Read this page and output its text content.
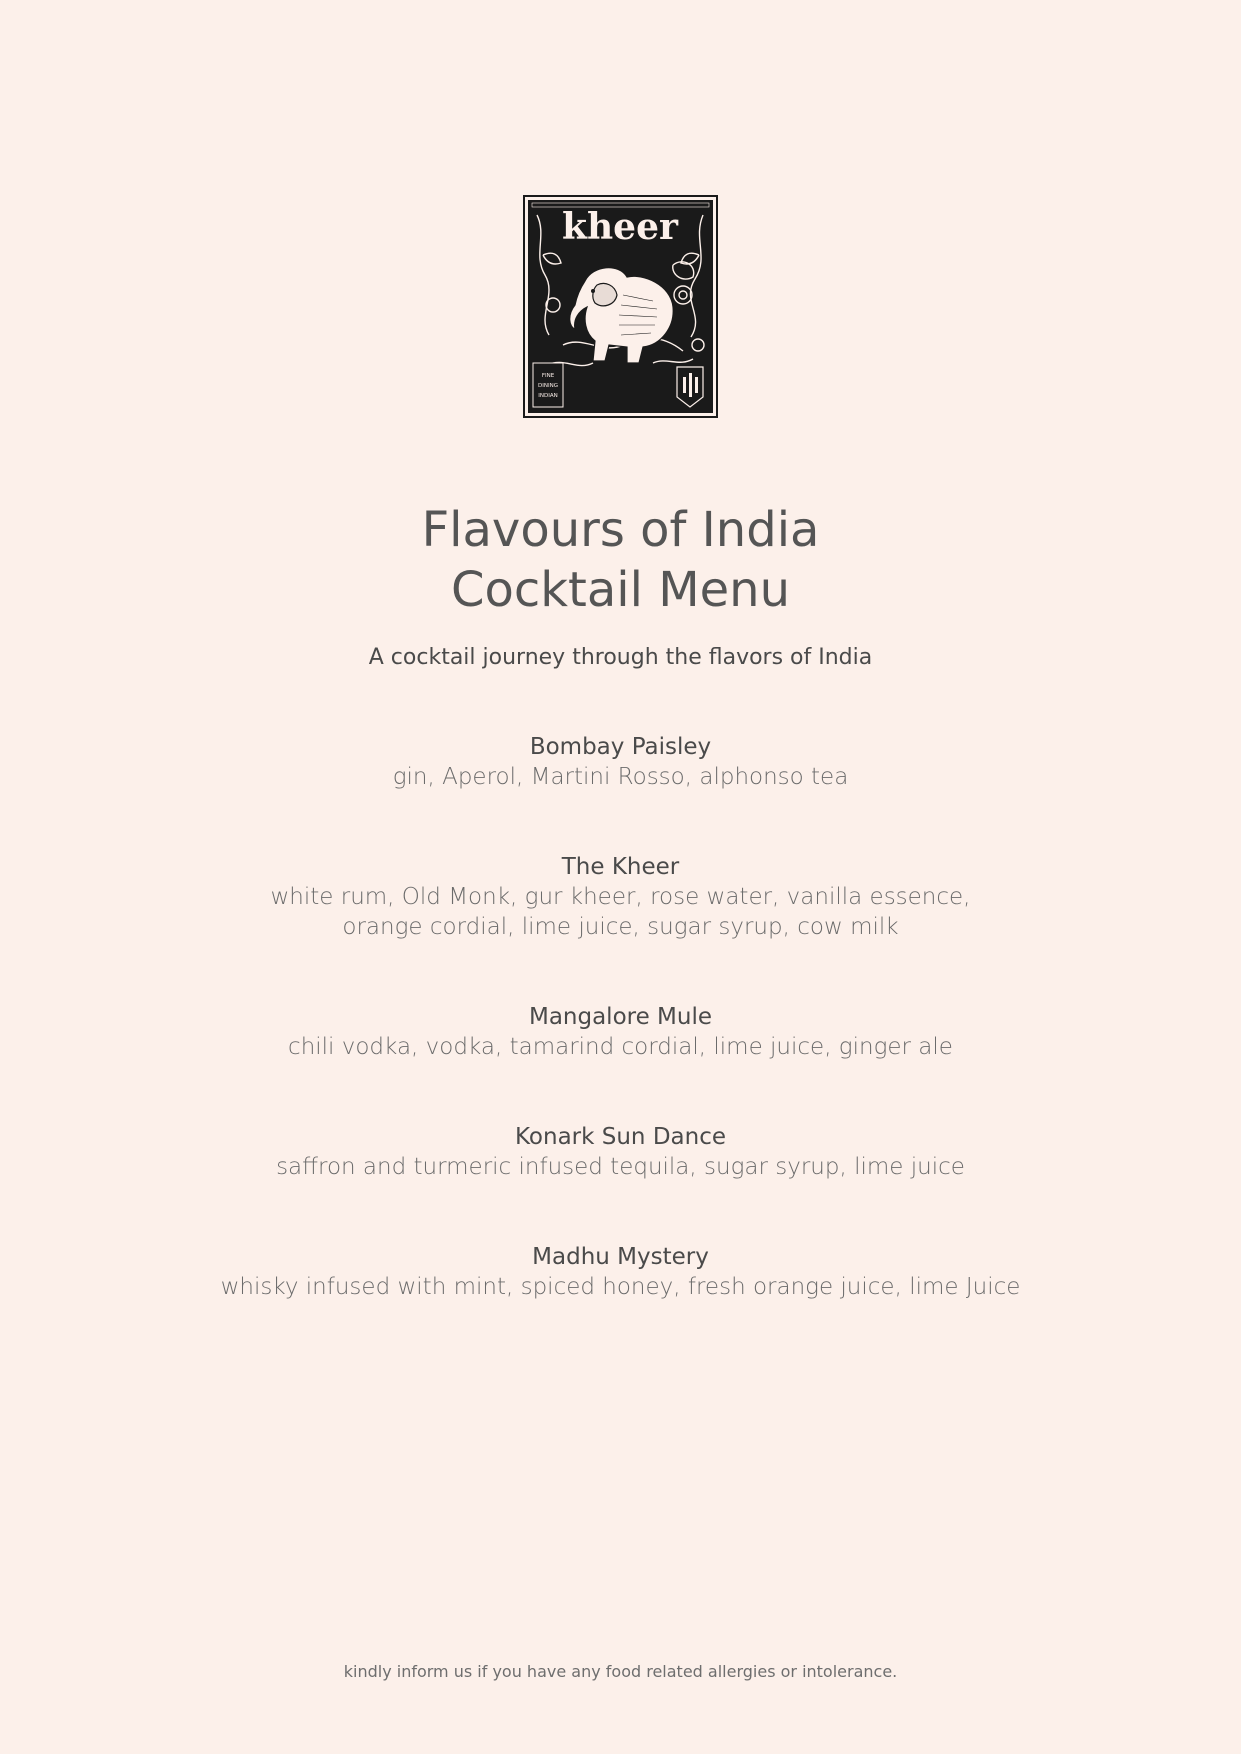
kheer
FINE
DINING
INDIAN
Flavours of India
Cocktail Menu
A cocktail journey through the flavors of India
Bombay Paisley
gin, Aperol, Martini Rosso, alphonso tea
The Kheer
white rum, Old Monk, gur kheer, rose water, vanilla essence,
orange cordial, lime juice, sugar syrup, cow milk
Mangalore Mule
chili vodka, vodka, tamarind cordial, lime juice, ginger ale
Konark Sun Dance
saffron and turmeric infused tequila, sugar syrup, lime juice
Madhu Mystery
whisky infused with mint, spiced honey, fresh orange juice, lime Juice
kindly inform us if you have any food related allergies or intolerance.
